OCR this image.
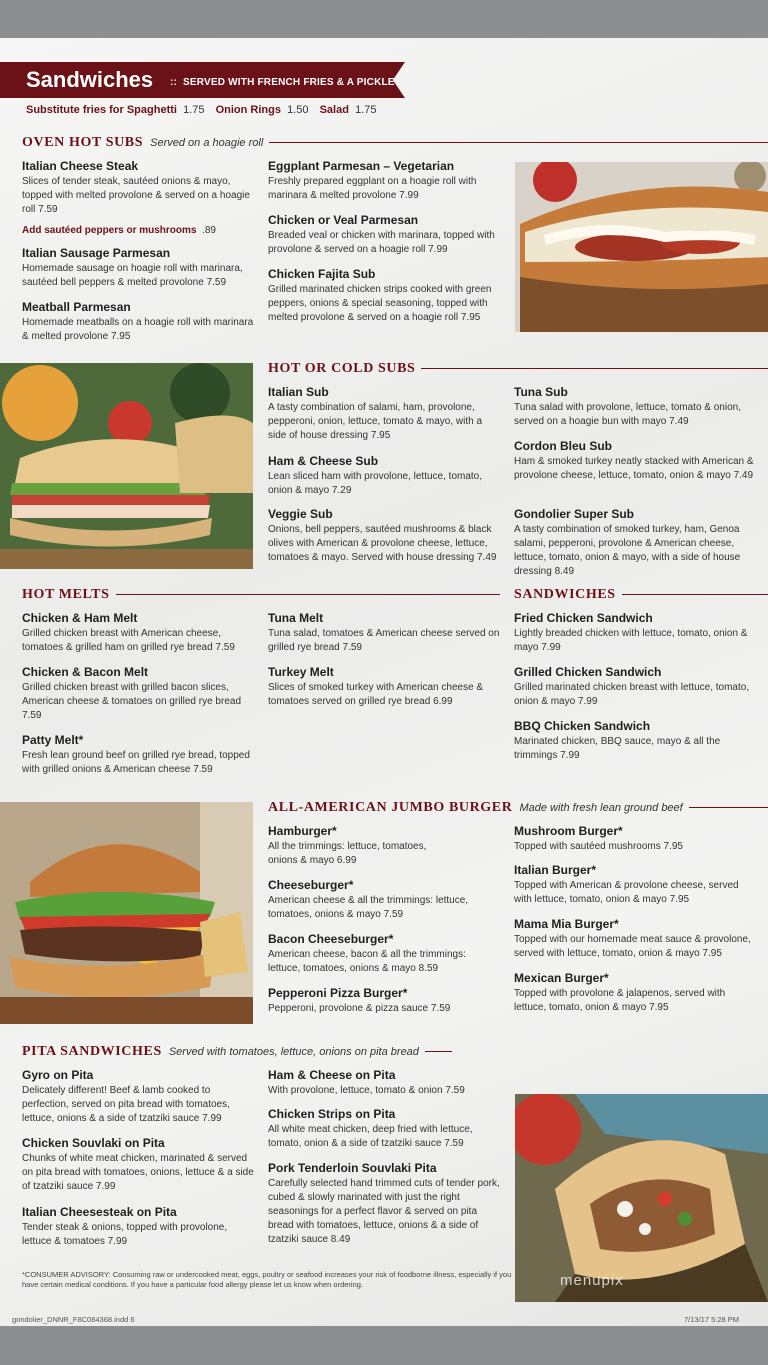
Sandwiches :: SERVED WITH FRENCH FRIES & A PICKLE
Substitute fries for Spaghetti 1.75 Onion Rings 1.50 Salad 1.75
OVEN HOT SUBS Served on a hoagie roll
Italian Cheese Steak
Slices of tender steak, sautéed onions & mayo, topped with melted provolone & served on a hoagie roll 7.59
Add sautéed peppers or mushrooms .89
Italian Sausage Parmesan
Homemade sausage on hoagie roll with marinara, sautéed bell peppers & melted provolone 7.59
Meatball Parmesan
Homemade meatballs on a hoagie roll with marinara & melted provolone 7.95
Eggplant Parmesan – Vegetarian
Freshly prepared eggplant on a hoagie roll with marinara & melted provolone 7.99
Chicken or Veal Parmesan
Breaded veal or chicken with marinara, topped with provolone & served on a hoagie roll 7.99
Chicken Fajita Sub
Grilled marinated chicken strips cooked with green peppers, onions & special seasoning, topped with melted provolone & served on a hoagie roll 7.95
HOT OR COLD SUBS
Italian Sub
A tasty combination of salami, ham, provolone, pepperoni, onion, lettuce, tomato & mayo, with a side of house dressing 7.95
Ham & Cheese Sub
Lean sliced ham with provolone, lettuce, tomato, onion & mayo 7.29
Veggie Sub
Onions, bell peppers, sautéed mushrooms & black olives with American & provolone cheese, lettuce, tomatoes & mayo. Served with house dressing 7.49
Tuna Sub
Tuna salad with provolone, lettuce, tomato & onion, served on a hoagie bun with mayo 7.49
Cordon Bleu Sub
Ham & smoked turkey neatly stacked with American & provolone cheese, lettuce, tomato, onion & mayo 7.49
Gondolier Super Sub
A tasty combination of smoked turkey, ham, Genoa salami, pepperoni, provolone & American cheese, lettuce, tomato, onion & mayo, with a side of house dressing 8.49
HOT MELTS
Chicken & Ham Melt
Grilled chicken breast with American cheese, tomatoes & grilled ham on grilled rye bread 7.59
Chicken & Bacon Melt
Grilled chicken breast with grilled bacon slices, American cheese & tomatoes on grilled rye bread 7.59
Patty Melt*
Fresh lean ground beef on grilled rye bread, topped with grilled onions & American cheese 7.59
Tuna Melt
Tuna salad, tomatoes & American cheese served on grilled rye bread 7.59
Turkey Melt
Slices of smoked turkey with American cheese & tomatoes served on grilled rye bread 6.99
SANDWICHES
Fried Chicken Sandwich
Lightly breaded chicken with lettuce, tomato, onion & mayo 7.99
Grilled Chicken Sandwich
Grilled marinated chicken breast with lettuce, tomato, onion & mayo 7.99
BBQ Chicken Sandwich
Marinated chicken, BBQ sauce, mayo & all the trimmings 7.99
ALL-AMERICAN JUMBO BURGER Made with fresh lean ground beef
Hamburger*
All the trimmings: lettuce, tomatoes, onions & mayo 6.99
Cheeseburger*
American cheese & all the trimmings: lettuce, tomatoes, onions & mayo 7.59
Bacon Cheeseburger*
American cheese, bacon & all the trimmings: lettuce, tomatoes, onions & mayo 8.59
Pepperoni Pizza Burger*
Pepperoni, provolone & pizza sauce 7.59
Mushroom Burger*
Topped with sautéed mushrooms 7.95
Italian Burger*
Topped with American & provolone cheese, served with lettuce, tomato, onion & mayo 7.95
Mama Mia Burger*
Topped with our homemade meat sauce & provolone, served with lettuce, tomato, onion & mayo 7.95
Mexican Burger*
Topped with provolone & jalapenos, served with lettuce, tomato, onion & mayo 7.95
PITA SANDWICHES Served with tomatoes, lettuce, onions on pita bread
Gyro on Pita
Delicately different! Beef & lamb cooked to perfection, served on pita bread with tomatoes, lettuce, onions & a side of tzatziki sauce 7.99
Chicken Souvlaki on Pita
Chunks of white meat chicken, marinated & served on pita bread with tomatoes, onions, lettuce & a side of tzatziki sauce 7.99
Italian Cheesesteak on Pita
Tender steak & onions, topped with provolone, lettuce & tomatoes 7.99
Ham & Cheese on Pita
With provolone, lettuce, tomato & onion 7.59
Chicken Strips on Pita
All white meat chicken, deep fried with lettuce, tomato, onion & a side of tzatziki sauce 7.59
Pork Tenderloin Souvlaki Pita
Carefully selected hand trimmed cuts of tender pork, cubed & slowly marinated with just the right seasonings for a perfect flavor & served on pita bread with tomatoes, lettuce, onions & a side of tzatziki sauce 8.49
*CONSUMER ADVISORY: Consuming raw or undercooked meat, eggs, poultry or seafood increases your risk of foodborne illness, especially if you have certain medical conditions. If you have a particular food allergy please let us know when ordering.	menupix
gondolier_DNNR_F8C084368.indd 6	7/13/17 5:28 PM
